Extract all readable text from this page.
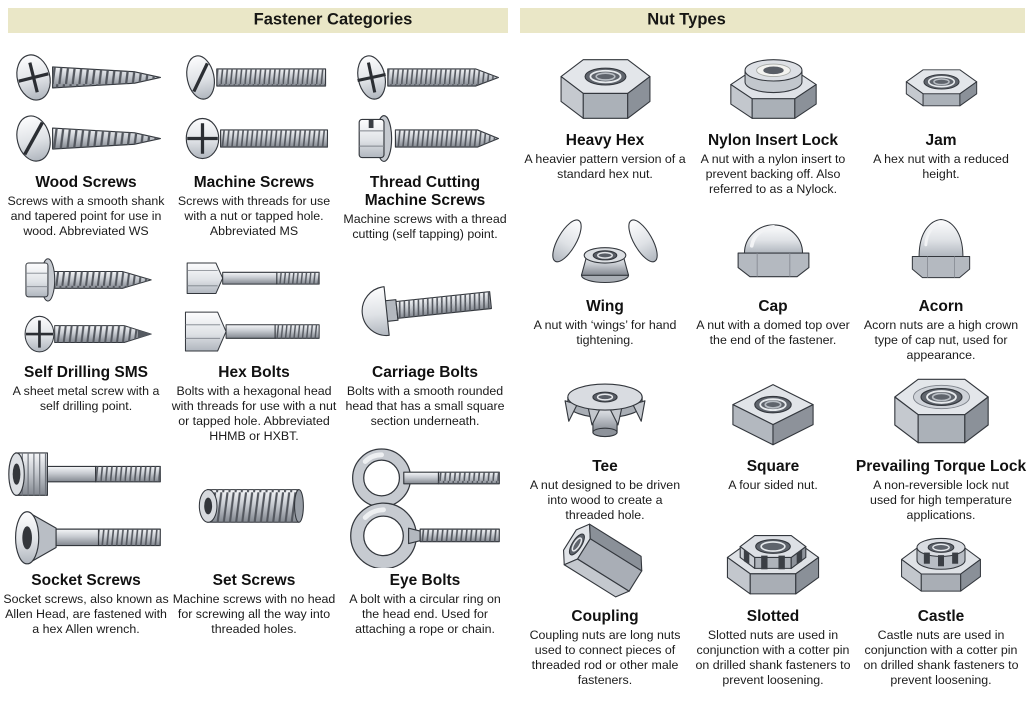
Fastener Categories	Nut Types
Wood Screws

Screws with a smooth shank and tapered point for use in wood. Abbreviated WS

Machine Screws

Screws with threads for use with a nut or tapped hole. Abbreviated MS

Thread Cutting Machine Screws

Machine screws with a thread cutting (self tapping) point.

Self Drilling SMS

A sheet metal screw with a self drilling point.

Hex Bolts

Bolts with a hexagonal head with threads for use with a nut or tapped hole. Abbreviated HHMB or HXBT.

Carriage Bolts

Bolts with a smooth rounded head that has a small square section underneath.

Socket Screws

Socket screws, also known as Allen Head, are fastened with a hex Allen wrench.

Set Screws

Machine screws with no head for screwing all the way into threaded holes.

Eye Bolts

A bolt with a circular ring on the head end. Used for attaching a rope or chain.

Heavy Hex

A heavier pattern version of a standard hex nut.

Nylon Insert Lock

A nut with a nylon insert to prevent backing off. Also referred to as a Nylock.

Jam

A hex nut with a reduced height.

Wing

A nut with ‘wings’ for hand tightening.

Cap

A nut with a domed top over the end of the fastener.

Acorn

Acorn nuts are a high crown type of cap nut, used for appearance.

Tee

A nut designed to be driven into wood to create a threaded hole.

Square

A four sided nut.

Prevailing Torque Lock

A non-reversible lock nut used for high temperature applications.

Coupling

Coupling nuts are long nuts used to connect pieces of threaded rod or other male fasteners.

Slotted

Slotted nuts are used in conjunction with a cotter pin on drilled shank fasteners to prevent loosening.

Castle

Castle nuts are used in conjunction with a cotter pin on drilled shank fasteners to prevent loosening.
